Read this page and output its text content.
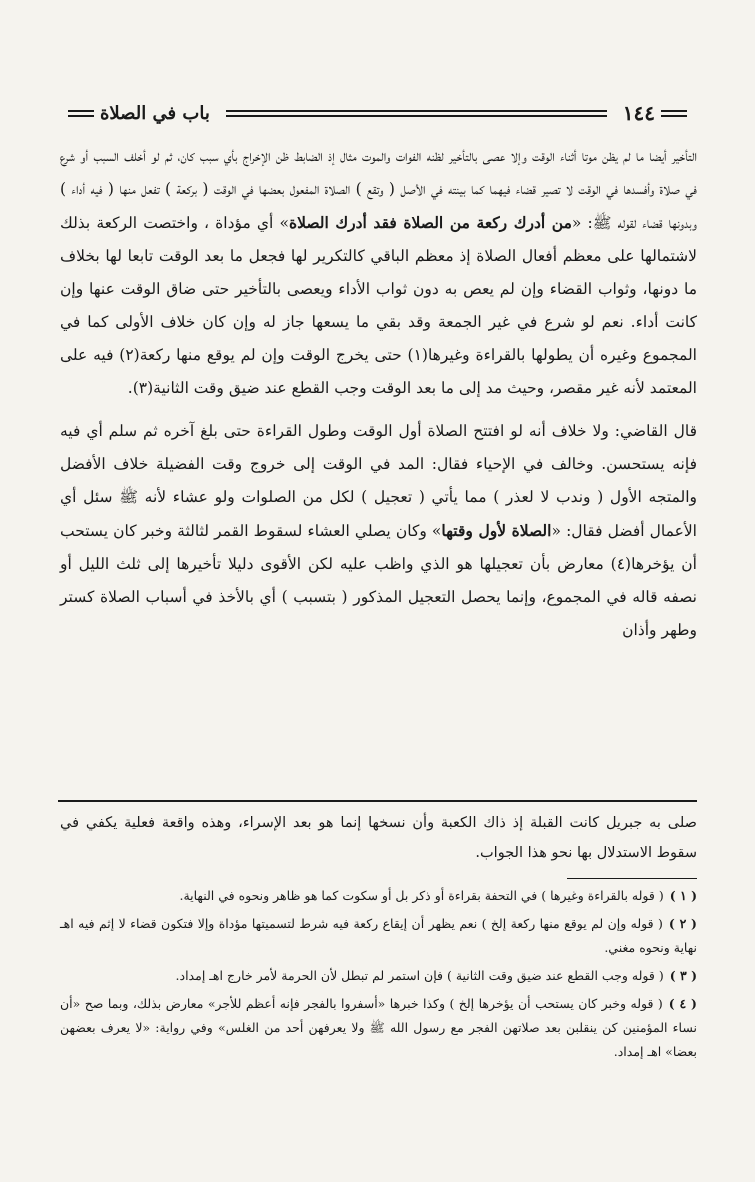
١٤٤
باب في الصلاة

التأخير أيضا ما لم يظن موتا أثناء الوقت وإلا عصى بالتأخير لظنه الفوات والموت مثال إذ الضابط ظن الإخراج بأي سبب كان، ثم لو أخلف السبب أو شرع في صلاة وأفسدها في الوقت لا تصير قضاء فيهما كما بينته في الأصل ( وتقع ) الصلاة المفعول بعضها في الوقت ( بركعة ) تفعل منها ( فيه أداء ) وبدونها قضاء لقوله ﷺ: «من أدرك ركعة من الصلاة فقد أدرك الصلاة» أي مؤداة ، واختصت الركعة بذلك لاشتمالها على معظم أفعال الصلاة إذ معظم الباقي كالتكرير لها فجعل ما بعد الوقت تابعا لها بخلاف ما دونها، وثواب القضاء وإن لم يعص به دون ثواب الأداء ويعصى بالتأخير حتى ضاق الوقت عنها وإن كانت أداء. نعم لو شرع في غير الجمعة وقد بقي ما يسعها جاز له وإن كان خلاف الأولى كما في المجموع وغيره أن يطولها بالقراءة وغيرها(١) حتى يخرج الوقت وإن لم يوقع منها ركعة(٢) فيه على المعتمد لأنه غير مقصر، وحيث مد إلى ما بعد الوقت وجب القطع عند ضيق وقت الثانية(٣).

قال القاضي: ولا خلاف أنه لو افتتح الصلاة أول الوقت وطول القراءة حتى بلغ آخره ثم سلم أي فيه فإنه يستحسن. وخالف في الإحياء فقال: المد في الوقت إلى خروج وقت الفضيلة خلاف الأفضل والمتجه الأول ( وندب لا لعذر ) مما يأتي ( تعجيل ) لكل من الصلوات ولو عشاء لأنه ﷺ سئل أي الأعمال أفضل فقال: «الصلاة لأول وقتها» وكان يصلي العشاء لسقوط القمر لثالثة وخبر كان يستحب أن يؤخرها(٤) معارض بأن تعجيلها هو الذي واظب عليه لكن الأقوى دليلا تأخيرها إلى ثلث الليل أو نصفه قاله في المجموع، وإنما يحصل التعجيل المذكور ( بتسبب ) أي بالأخذ في أسباب الصلاة كستر وطهر وأذان

صلى به جبريل كانت القبلة إذ ذاك الكعبة وأن نسخها إنما هو بعد الإسراء، وهذه واقعة فعلية يكفي في سقوط الاستدلال بها نحو هذا الجواب.

( ١ )( قوله بالقراءة وغيرها ) في التحفة بقراءة أو ذكر بل أو سكوت كما هو ظاهر ونحوه في النهاية.

( ٢ )( قوله وإن لم يوقع منها ركعة إلخ ) نعم يظهر أن إيقاع ركعة فيه شرط لتسميتها مؤداة وإلا فتكون قضاء لا إثم فيه اهـ نهاية ونحوه مغني.

( ٣ )( قوله وجب القطع عند ضيق وقت الثانية ) فإن استمر لم تبطل لأن الحرمة لأمر خارج اهـ إمداد.

( ٤ )( قوله وخبر كان يستحب أن يؤخرها إلخ ) وكذا خبرها «أسفروا بالفجر فإنه أعظم للأجر» معارض بذلك، وبما صح «أن نساء المؤمنين كن ينقلبن بعد صلاتهن الفجر مع رسول الله ﷺ ولا يعرفهن أحد من الغلس» وفي رواية: «لا يعرف بعضهن بعضا» اهـ إمداد.
